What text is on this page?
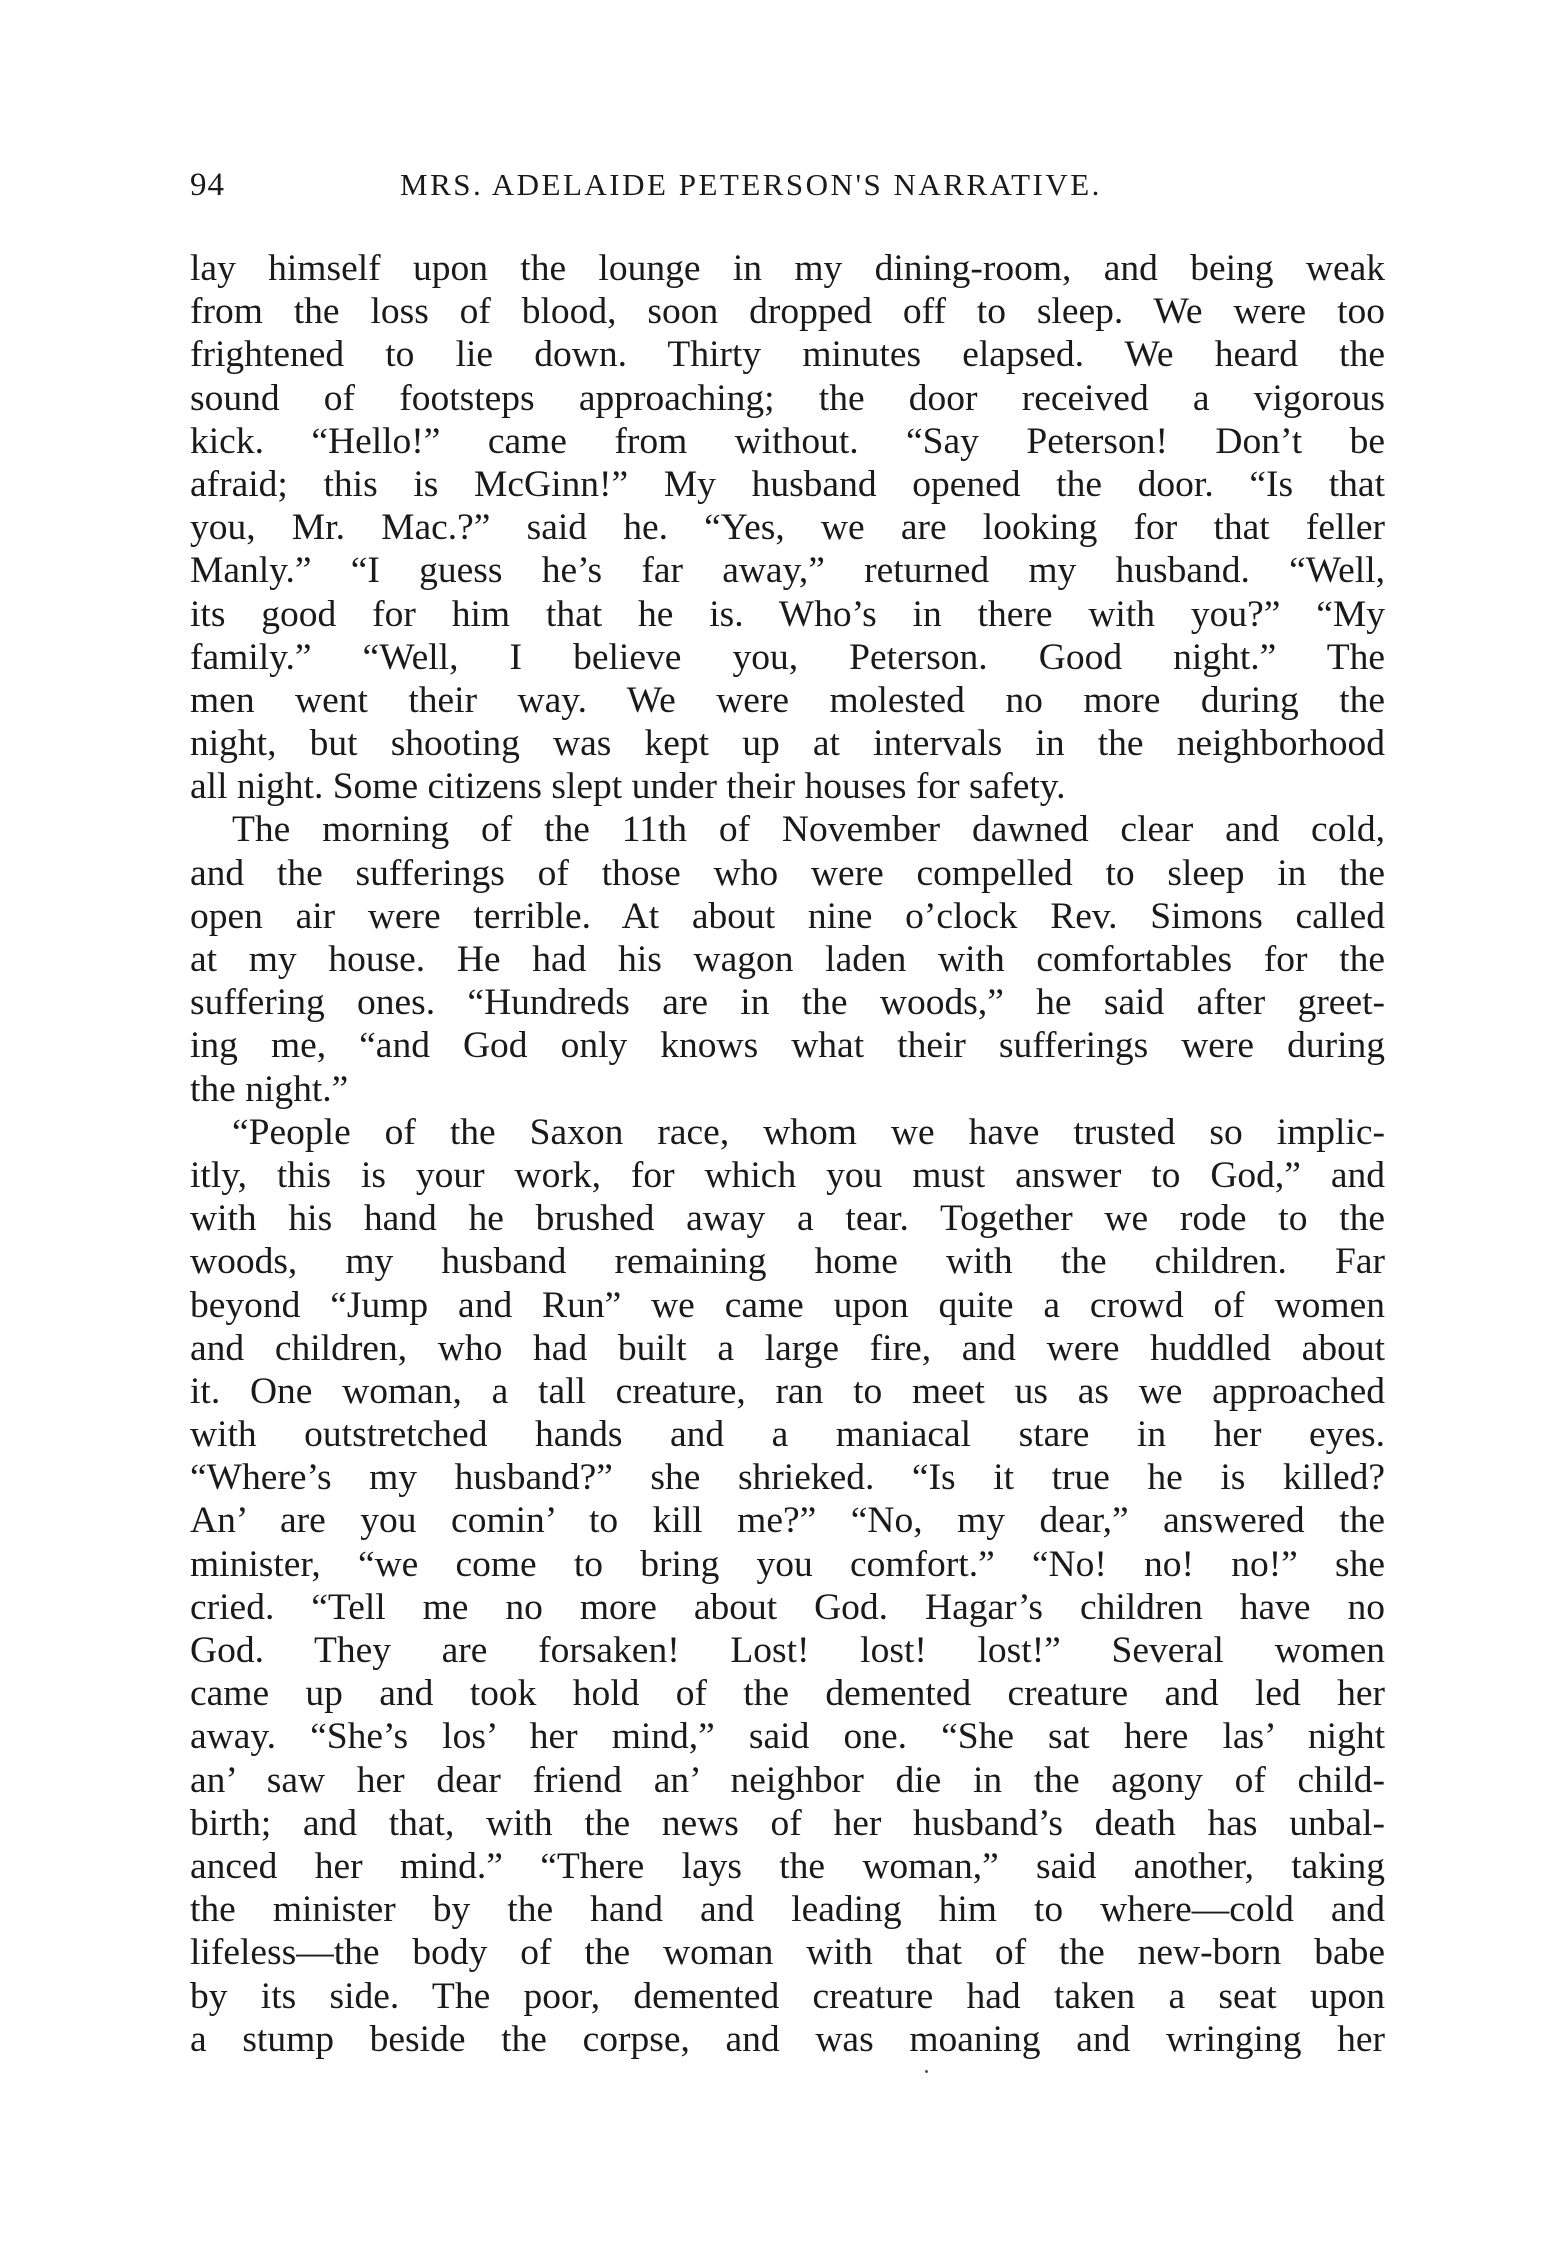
94	MRS. ADELAIDE PETERSON'S NARRATIVE.
lay himself upon the lounge in my dining-room, and being weak
from the loss of blood, soon dropped off to sleep. We were too
frightened to lie down. Thirty minutes elapsed. We heard the
sound of footsteps approaching; the door received a vigorous
kick. “Hello!” came from without. “Say Peterson! Don’t be
afraid; this is McGinn!” My husband opened the door. “Is that
you, Mr. Mac.?” said he. “Yes, we are looking for that feller
Manly.” “I guess he’s far away,” returned my husband. “Well,
its good for him that he is. Who’s in there with you?” “My
family.” “Well, I believe you, Peterson. Good night.” The
men went their way. We were molested no more during the
night, but shooting was kept up at intervals in the neighborhood
all night. Some citizens slept under their houses for safety.
The morning of the 11th of November dawned clear and cold,
and the sufferings of those who were compelled to sleep in the
open air were terrible. At about nine o’clock Rev. Simons called
at my house. He had his wagon laden with comfortables for the
suffering ones. “Hundreds are in the woods,” he said after greet-
ing me, “and God only knows what their sufferings were during
the night.”
“People of the Saxon race, whom we have trusted so implic-
itly, this is your work, for which you must answer to God,” and
with his hand he brushed away a tear. Together we rode to the
woods, my husband remaining home with the children. Far
beyond “Jump and Run” we came upon quite a crowd of women
and children, who had built a large fire, and were huddled about
it. One woman, a tall creature, ran to meet us as we approached
with outstretched hands and a maniacal stare in her eyes.
“Where’s my husband?” she shrieked. “Is it true he is killed?
An’ are you comin’ to kill me?” “No, my dear,” answered the
minister, “we come to bring you comfort.” “No! no! no!” she
cried. “Tell me no more about God. Hagar’s children have no
God. They are forsaken! Lost! lost! lost!” Several women
came up and took hold of the demented creature and led her
away. “She’s los’ her mind,” said one. “She sat here las’ night
an’ saw her dear friend an’ neighbor die in the agony of child-
birth; and that, with the news of her husband’s death has unbal-
anced her mind.” “There lays the woman,” said another, taking
the minister by the hand and leading him to where—cold and
lifeless—the body of the woman with that of the new-born babe
by its side. The poor, demented creature had taken a seat upon
a stump beside the corpse, and was moaning and wringing her
